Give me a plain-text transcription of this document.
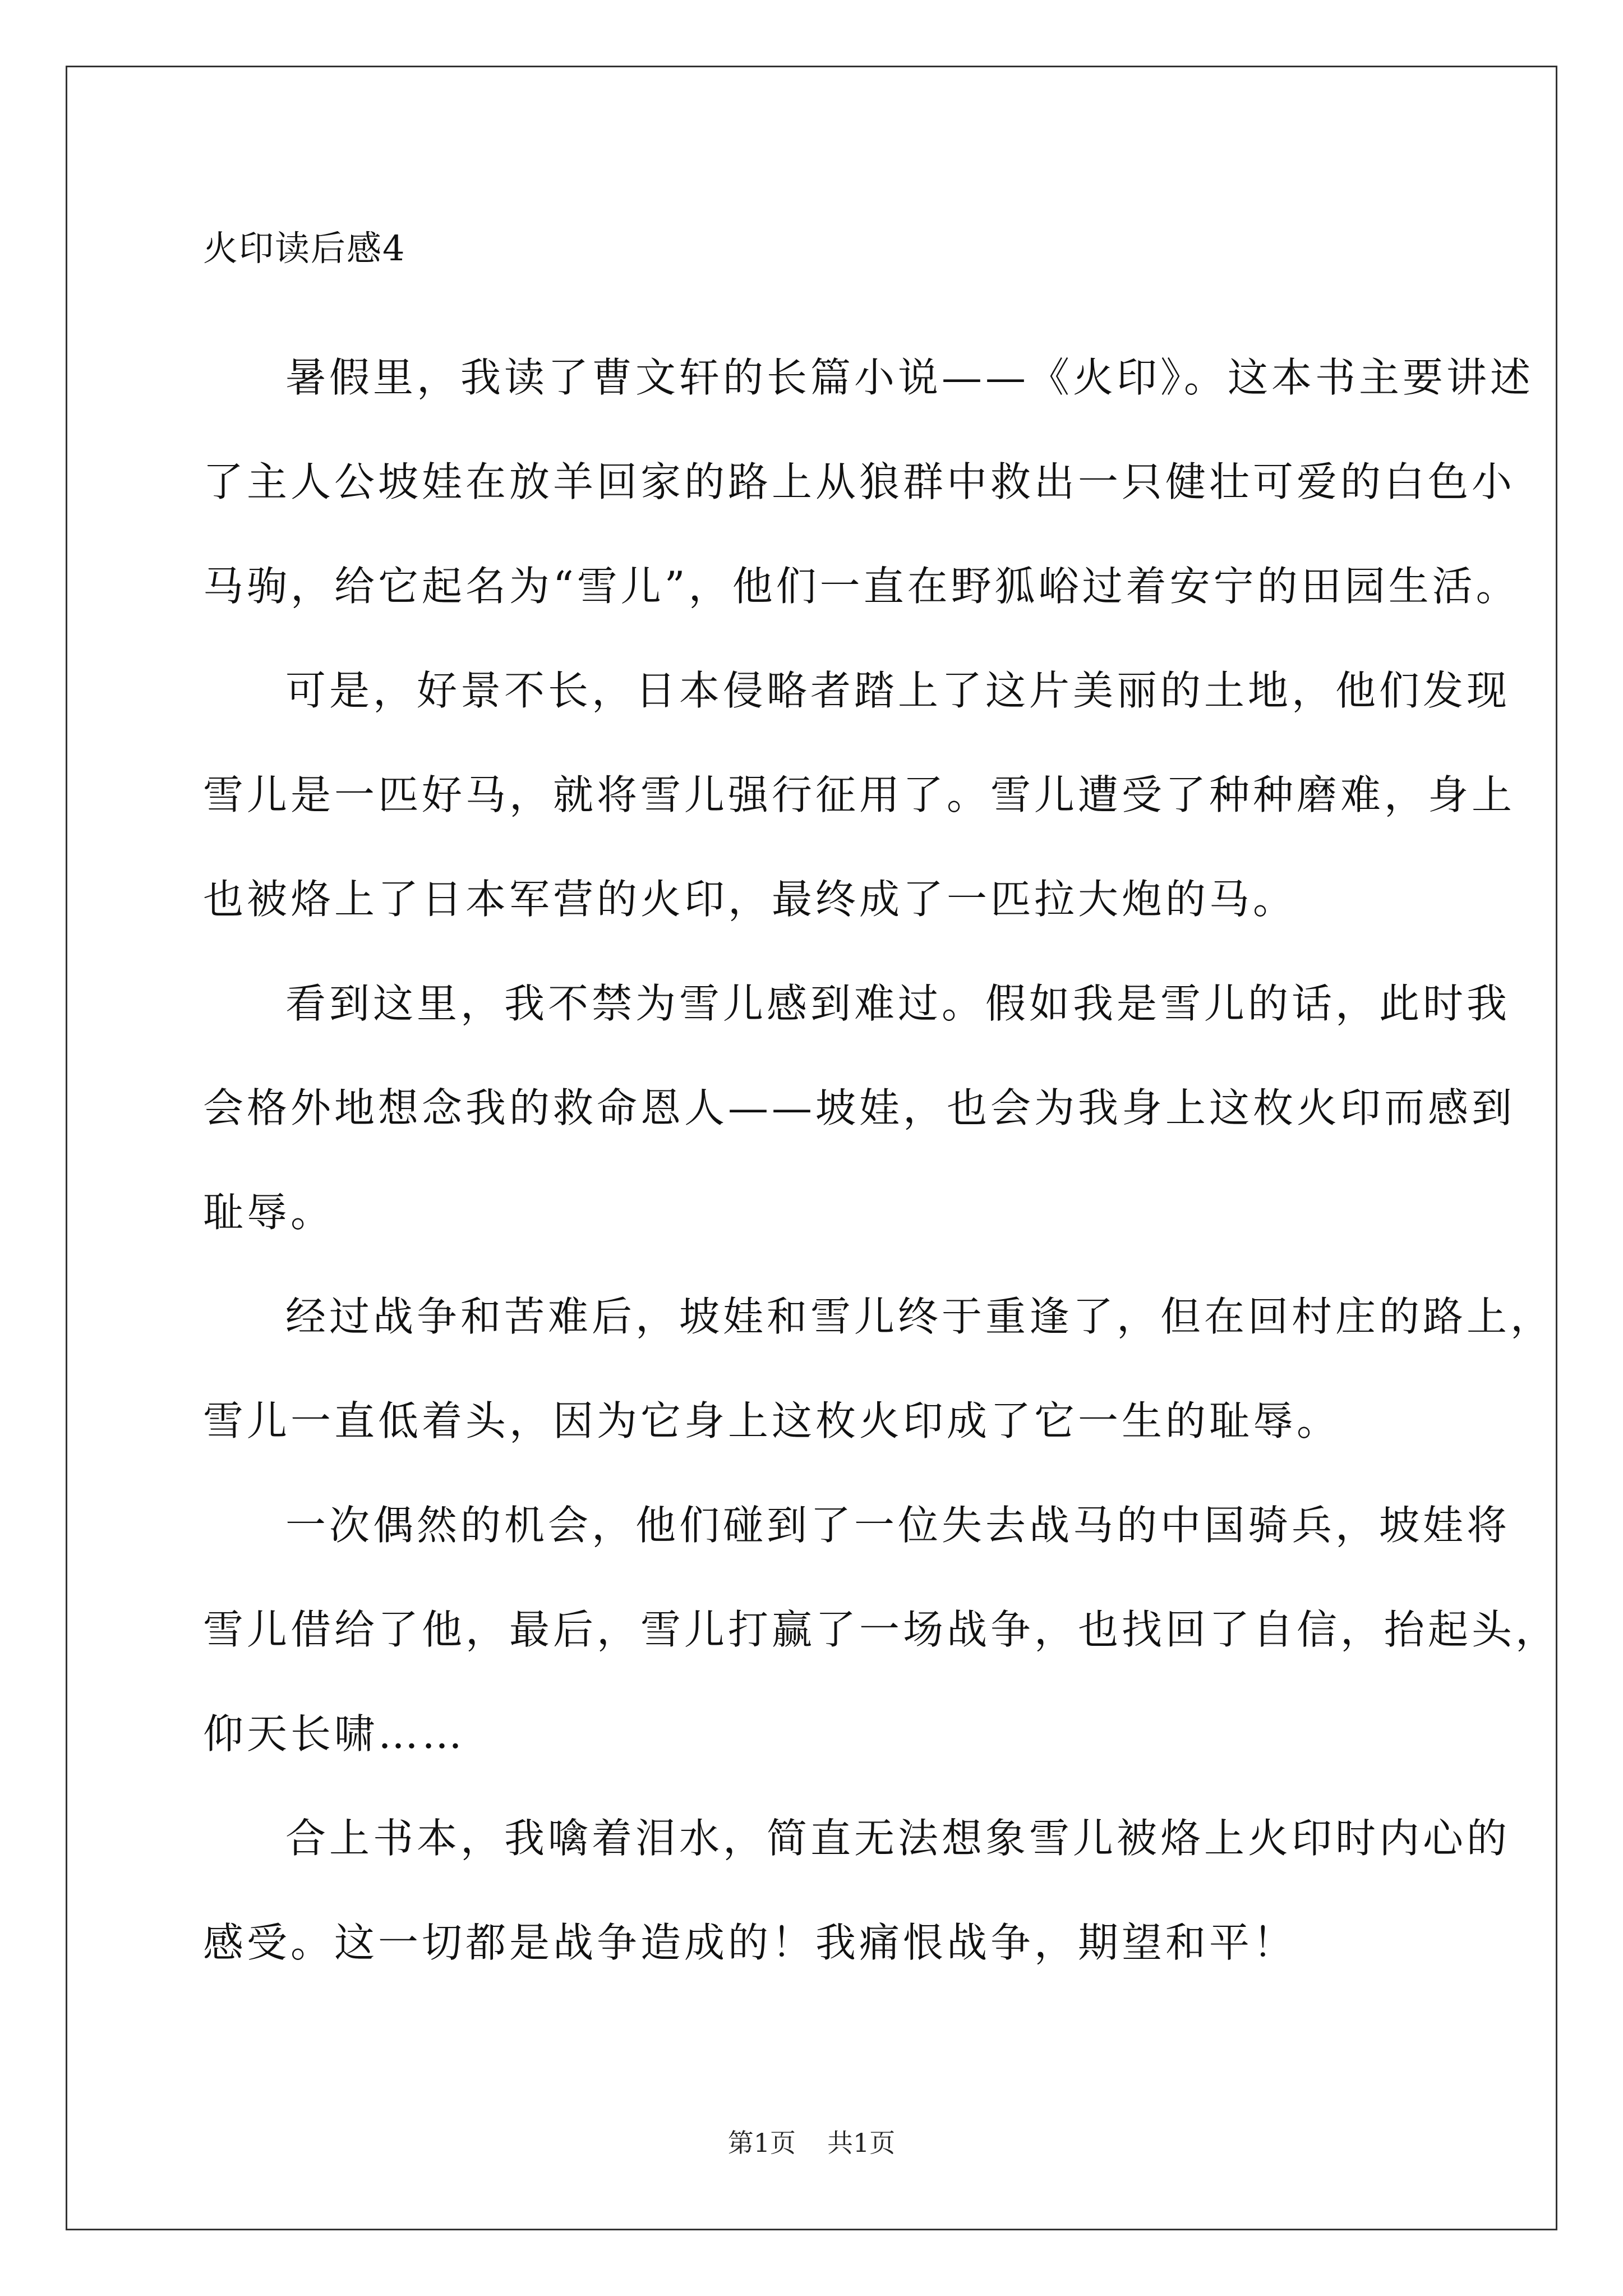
火印读后感4

暑假里，我读了曹文轩的长篇小说——《火印》。这本书主要讲述
了主人公坡娃在放羊回家的路上从狼群中救出一只健壮可爱的白色小
马驹，给它起名为“雪儿”，他们一直在野狐峪过着安宁的田园生活。

可是，好景不长，日本侵略者踏上了这片美丽的土地，他们发现
雪儿是一匹好马，就将雪儿强行征用了。雪儿遭受了种种磨难，身上
也被烙上了日本军营的火印，最终成了一匹拉大炮的马。

看到这里，我不禁为雪儿感到难过。假如我是雪儿的话，此时我
会格外地想念我的救命恩人——坡娃，也会为我身上这枚火印而感到
耻辱。

经过战争和苦难后，坡娃和雪儿终于重逢了，但在回村庄的路上，
雪儿一直低着头，因为它身上这枚火印成了它一生的耻辱。

一次偶然的机会，他们碰到了一位失去战马的中国骑兵，坡娃将
雪儿借给了他，最后，雪儿打赢了一场战争，也找回了自信，抬起头，
仰天长啸……

合上书本，我噙着泪水，简直无法想象雪儿被烙上火印时内心的
感受。这一切都是战争造成的！我痛恨战争，期望和平！

第1页 共1页
